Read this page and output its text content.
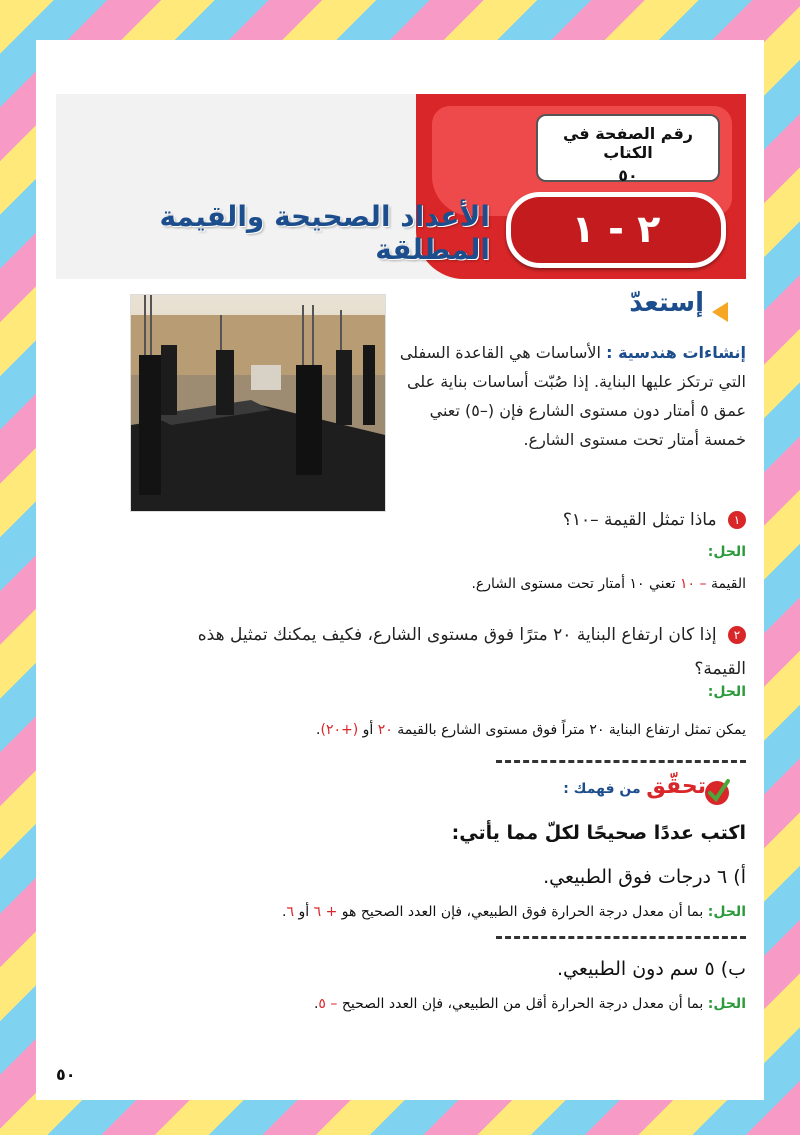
رقم الصفحة في الكتاب
٥٠
٢ - ١
الأعداد الصحيحة والقيمة المطلقة
إستعدّ
إنشاءات هندسية : الأساسات هي القاعدة السفلى التي ترتكز عليها البناية. إذا صُبّت أساسات بناية على عمق ٥ أمتار دون مستوى الشارع فإن (–٥) تعني خمسة أمتار تحت مستوى الشارع.
١ ماذا تمثل القيمة –١٠؟
الحل:
القيمة – ١٠ تعني ١٠ أمتار تحت مستوى الشارع.
٢ إذا كان ارتفاع البناية ٢٠ مترًا فوق مستوى الشارع، فكيف يمكنك تمثيل هذه القيمة؟
الحل:
يمكن تمثل ارتفاع البناية ٢٠ متراً فوق مستوى الشارع بالقيمة ٢٠ أو (+٢٠).
تحقّق من فهمك :
اكتب عددًا صحيحًا لكلّ مما يأتي:
أ) ٦ درجات فوق الطبيعي.
الحل: بما أن معدل درجة الحرارة فوق الطبيعي، فإن العدد الصحيح هو + ٦ أو ٦.
ب) ٥ سم دون الطبيعي.
الحل: بما أن معدل درجة الحرارة أقل من الطبيعي، فإن العدد الصحيح – ٥.
٥٠
